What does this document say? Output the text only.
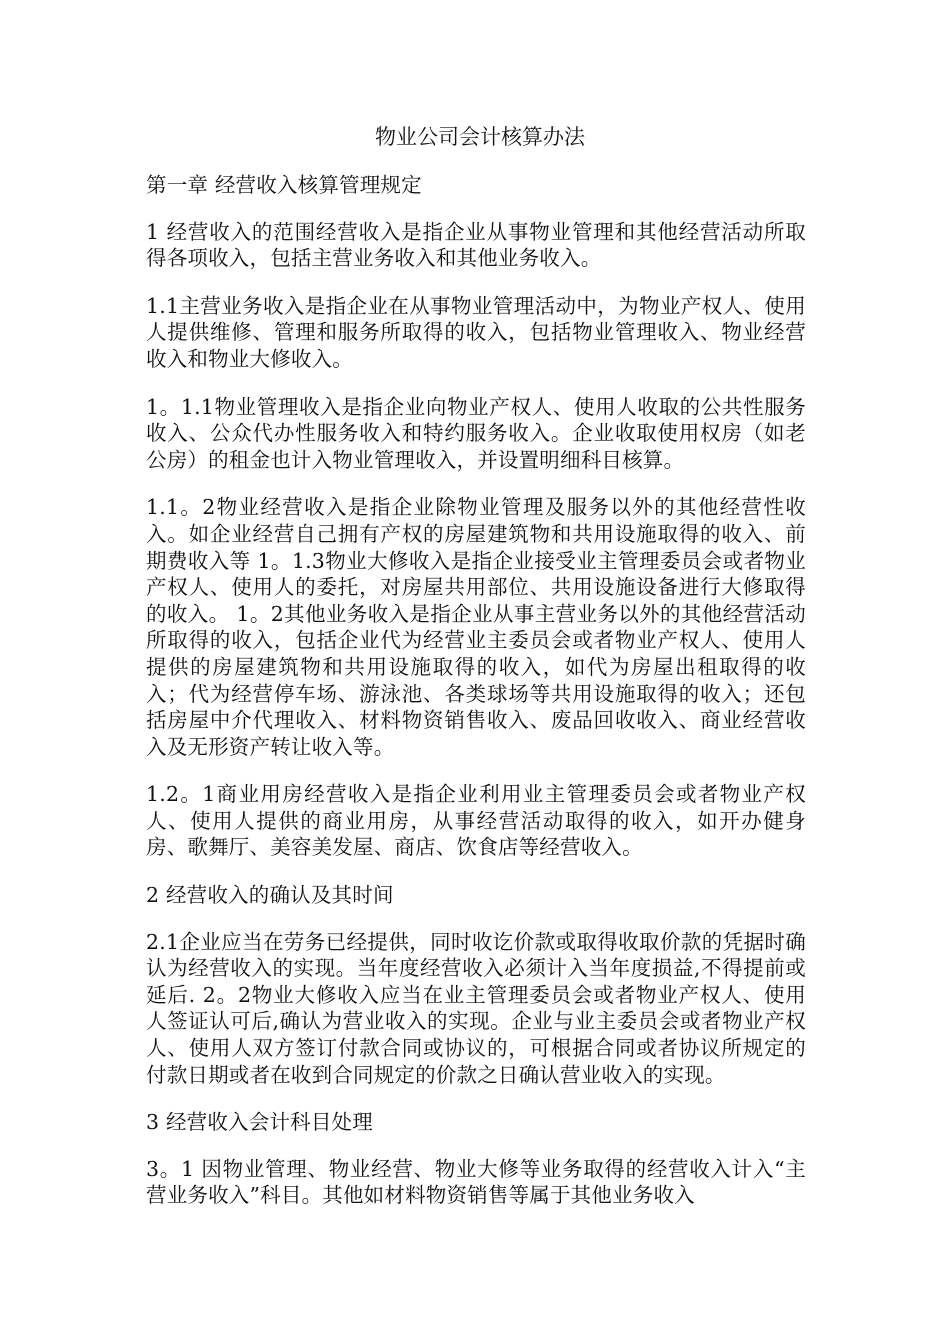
物业公司会计核算办法

第一章 经营收入核算管理规定

1 经营收入的范围经营收入是指企业从事物业管理和其他经营活动所取得各项收入，包括主营业务收入和其他业务收入。

1.1主营业务收入是指企业在从事物业管理活动中，为物业产权人、使用人提供维修、管理和服务所取得的收入，包括物业管理收入、物业经营收入和物业大修收入。

1。1.1物业管理收入是指企业向物业产权人、使用人收取的公共性服务收入、公众代办性服务收入和特约服务收入。企业收取使用权房（如老公房）的租金也计入物业管理收入，并设置明细科目核算。

1.1。2物业经营收入是指企业除物业管理及服务以外的其他经营性收入。如企业经营自己拥有产权的房屋建筑物和共用设施取得的收入、前期费收入等 1。1.3物业大修收入是指企业接受业主管理委员会或者物业产权人、使用人的委托，对房屋共用部位、共用设施设备进行大修取得的收入。 1。2其他业务收入是指企业从事主营业务以外的其他经营活动所取得的收入，包括企业代为经营业主委员会或者物业产权人、使用人提供的房屋建筑物和共用设施取得的收入，如代为房屋出租取得的收入；代为经营停车场、游泳池、各类球场等共用设施取得的收入；还包括房屋中介代理收入、材料物资销售收入、废品回收收入、商业经营收入及无形资产转让收入等。

1.2。1商业用房经营收入是指企业利用业主管理委员会或者物业产权人、使用人提供的商业用房，从事经营活动取得的收入，如开办健身房、歌舞厅、美容美发屋、商店、饮食店等经营收入。

2 经营收入的确认及其时间

2.1企业应当在劳务已经提供，同时收讫价款或取得收取价款的凭据时确认为经营收入的实现。当年度经营收入必须计入当年度损益,不得提前或延后. 2。2物业大修收入应当在业主管理委员会或者物业产权人、使用人签证认可后,确认为营业收入的实现。企业与业主委员会或者物业产权人、使用人双方签订付款合同或协议的，可根据合同或者协议所规定的付款日期或者在收到合同规定的价款之日确认营业收入的实现。

3 经营收入会计科目处理

3。1 因物业管理、物业经营、物业大修等业务取得的经营收入计入“主营业务收入”科目。其他如材料物资销售等属于其他业务收入
